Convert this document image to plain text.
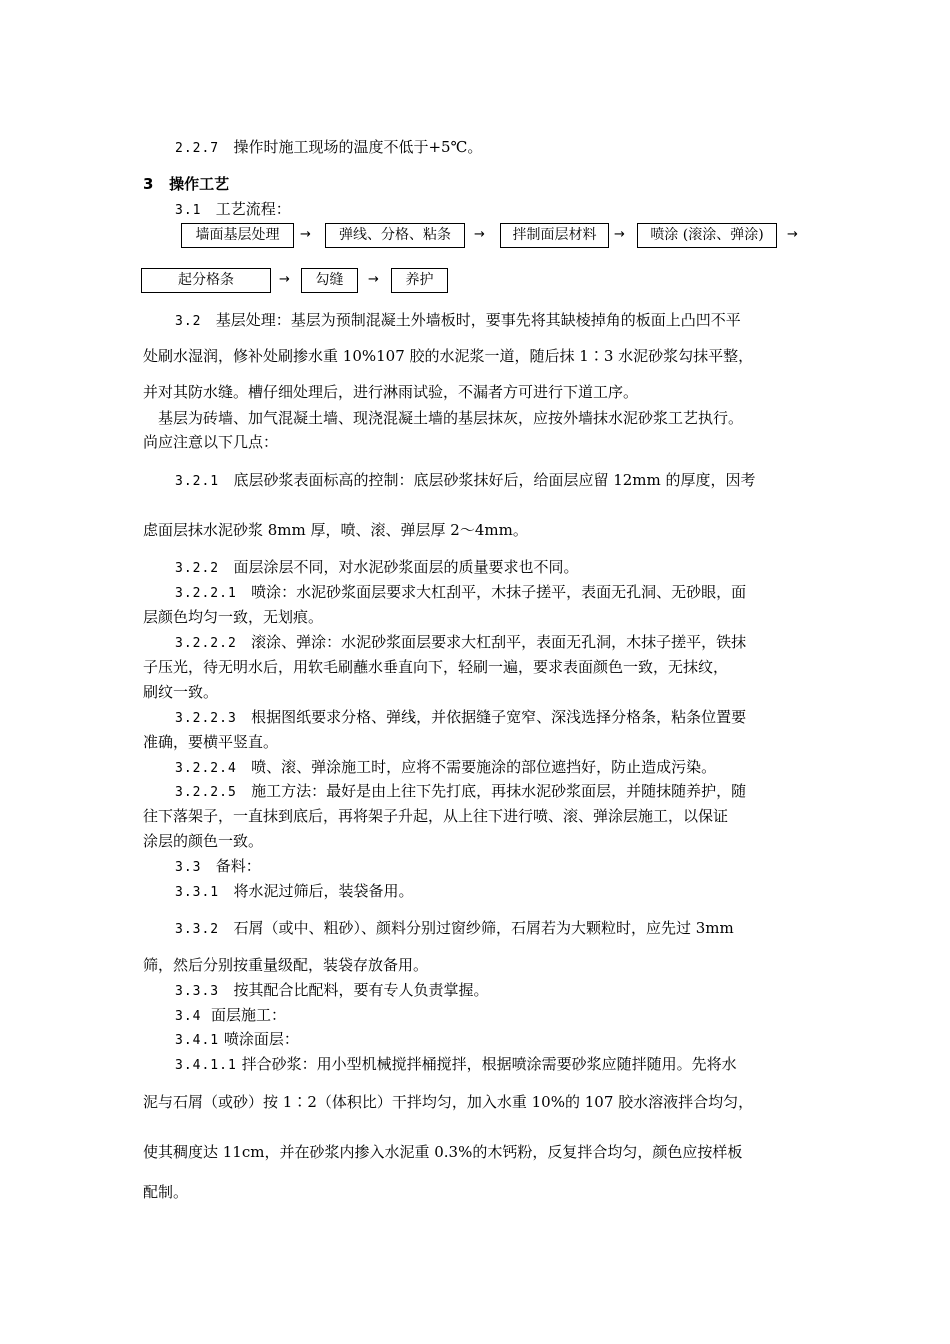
2.2.7 操作时施工现场的温度不低于+5℃。
3 操作工艺
3.1 工艺流程：
墙面基层处理	→	弹线、分格、粘条	→	拌制面层材料	→	喷涂 (滚涂、弹涂)	→
起分格条	→	勾缝	→	养护
3.2 基层处理：基层为预制混凝土外墙板时，要事先将其缺棱掉角的板面上凸凹不平
处刷水湿润，修补处刷掺水重 10%107 胶的水泥浆一道，随后抹 1∶3 水泥砂浆勾抹平整，
并对其防水缝。槽仔细处理后，进行淋雨试验，不漏者方可进行下道工序。
基层为砖墙、加气混凝土墙、现浇混凝土墙的基层抹灰，应按外墙抹水泥砂浆工艺执行。
尚应注意以下几点：
3.2.1 底层砂浆表面标高的控制：底层砂浆抹好后，给面层应留 12mm 的厚度，因考
虑面层抹水泥砂浆 8mm 厚，喷、滚、弹层厚 2～4mm。
3.2.2 面层涂层不同，对水泥砂浆面层的质量要求也不同。
3.2.2.1 喷涂：水泥砂浆面层要求大杠刮平，木抹子搓平，表面无孔洞、无砂眼，面
层颜色均匀一致，无划痕。
3.2.2.2 滚涂、弹涂：水泥砂浆面层要求大杠刮平，表面无孔洞，木抹子搓平，铁抹
子压光，待无明水后，用软毛刷蘸水垂直向下，轻刷一遍，要求表面颜色一致，无抹纹，
刷纹一致。
3.2.2.3 根据图纸要求分格、弹线，并依据缝子宽窄、深浅选择分格条，粘条位置要
准确，要横平竖直。
3.2.2.4 喷、滚、弹涂施工时，应将不需要施涂的部位遮挡好，防止造成污染。
3.2.2.5 施工方法：最好是由上往下先打底，再抹水泥砂浆面层，并随抹随养护，随
往下落架子，一直抹到底后，再将架子升起，从上往下进行喷、滚、弹涂层施工，以保证
涂层的颜色一致。
3.3 备料：
3.3.1 将水泥过筛后，装袋备用。
3.3.2 石屑（或中、粗砂）、颜料分别过窗纱筛，石屑若为大颗粒时，应先过 3mm
筛，然后分别按重量级配，装袋存放备用。
3.3.3 按其配合比配料，要有专人负责掌握。
3.4 面层施工：
3.4.1 喷涂面层：
3.4.1.1 拌合砂浆：用小型机械搅拌桶搅拌，根据喷涂需要砂浆应随拌随用。先将水
泥与石屑（或砂）按 1∶2（体积比）干拌均匀，加入水重 10%的 107 胶水溶液拌合均匀，
使其稠度达 11cm，并在砂浆内掺入水泥重 0.3%的木钙粉，反复拌合均匀，颜色应按样板
配制。
